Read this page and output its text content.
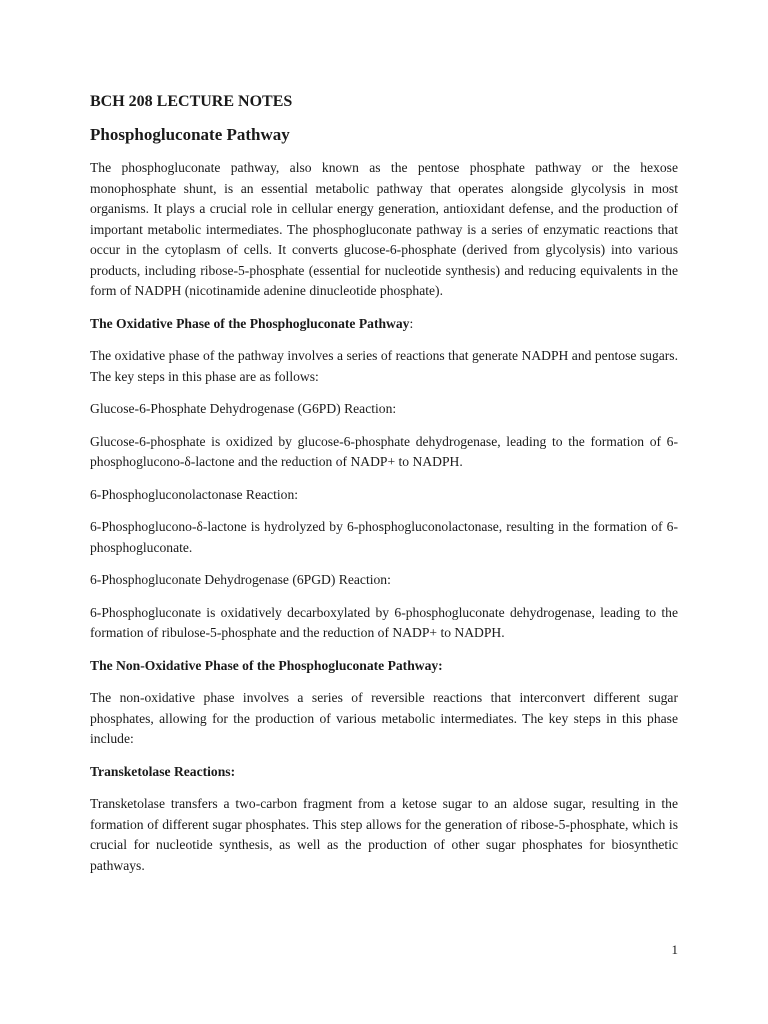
BCH 208 LECTURE NOTES
Phosphogluconate Pathway

The phosphogluconate pathway, also known as the pentose phosphate pathway or the hexose monophosphate shunt, is an essential metabolic pathway that operates alongside glycolysis in most organisms. It plays a crucial role in cellular energy generation, antioxidant defense, and the production of important metabolic intermediates. The phosphogluconate pathway is a series of enzymatic reactions that occur in the cytoplasm of cells. It converts glucose-6-phosphate (derived from glycolysis) into various products, including ribose-5-phosphate (essential for nucleotide synthesis) and reducing equivalents in the form of NADPH (nicotinamide adenine dinucleotide phosphate).

The Oxidative Phase of the Phosphogluconate Pathway:

The oxidative phase of the pathway involves a series of reactions that generate NADPH and pentose sugars. The key steps in this phase are as follows:

Glucose-6-Phosphate Dehydrogenase (G6PD) Reaction:

Glucose-6-phosphate is oxidized by glucose-6-phosphate dehydrogenase, leading to the formation of 6-phosphoglucono-δ-lactone and the reduction of NADP+ to NADPH.

6-Phosphogluconolactonase Reaction:

6-Phosphoglucono-δ-lactone is hydrolyzed by 6-phosphogluconolactonase, resulting in the formation of 6-phosphogluconate.

6-Phosphogluconate Dehydrogenase (6PGD) Reaction:

6-Phosphogluconate is oxidatively decarboxylated by 6-phosphogluconate dehydrogenase, leading to the formation of ribulose-5-phosphate and the reduction of NADP+ to NADPH.

The Non-Oxidative Phase of the Phosphogluconate Pathway:

The non-oxidative phase involves a series of reversible reactions that interconvert different sugar phosphates, allowing for the production of various metabolic intermediates. The key steps in this phase include:

Transketolase Reactions:

Transketolase transfers a two-carbon fragment from a ketose sugar to an aldose sugar, resulting in the formation of different sugar phosphates. This step allows for the generation of ribose-5-phosphate, which is crucial for nucleotide synthesis, as well as the production of other sugar phosphates for biosynthetic pathways.

1
